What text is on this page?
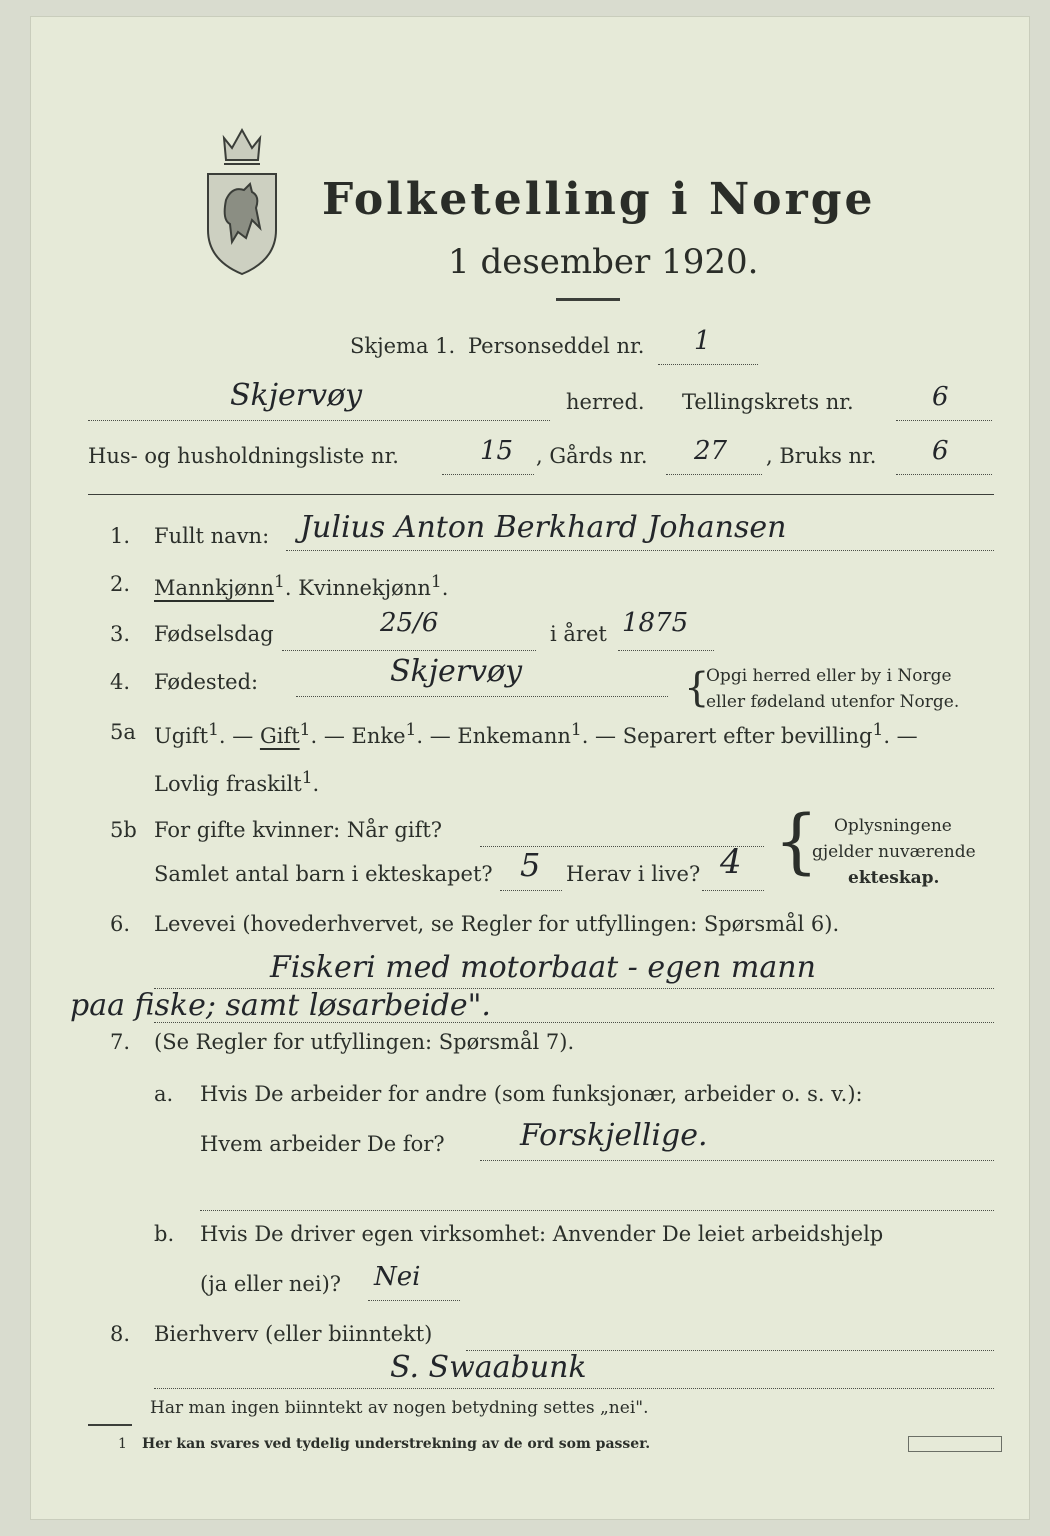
Folketelling i Norge
1 desember 1920.
Skjema 1. Personseddel nr. 1
Skjervøy	herred. Tellingskrets nr.	6
Hus- og husholdningsliste nr.	15 , Gårds nr. 27 , Bruks nr. 6
1. Fullt navn: Julius Anton Berkhard Johansen
2. Mannkjønn$^1$. Kvinnekjønn$^1$.
3. Fødselsdag	25/6	i året 1875
4. Fødested:	Skjervøy	{
Opgi herred eller by i Norge
eller fødeland utenfor Norge.
5a Ugift$^1$. — Gift$^1$. — Enke$^1$. — Enkemann$^1$. — Separert efter bevilling$^1$. —
Lovlig fraskilt$^1$.
5b For gifte kvinner: Når gift?
Samlet antal barn i ekteskapet? 5 Herav i live? 4 { Oplysningene
gjelder nuværende
ekteskap.
6. Levevei (hovederhvervet, se Regler for utfyllingen: Spørsmål 6).
Fiskeri med motorbaat - egen mann
paa fiske; samt løsarbeide".
7. (Se Regler for utfyllingen: Spørsmål 7).
a. Hvis De arbeider for andre (som funksjonær, arbeider o. s. v.):
Hvem arbeider De for?	Forskjellige.
b. Hvis De driver egen virksomhet: Anvender De leiet arbeidshjelp
(ja eller nei)? Nei
8. Bierhverv (eller biinntekt)
S. Swaabunk
Har man ingen biinntekt av nogen betydning settes „nei".
1 Her kan svares ved tydelig understrekning av de ord som passer.
